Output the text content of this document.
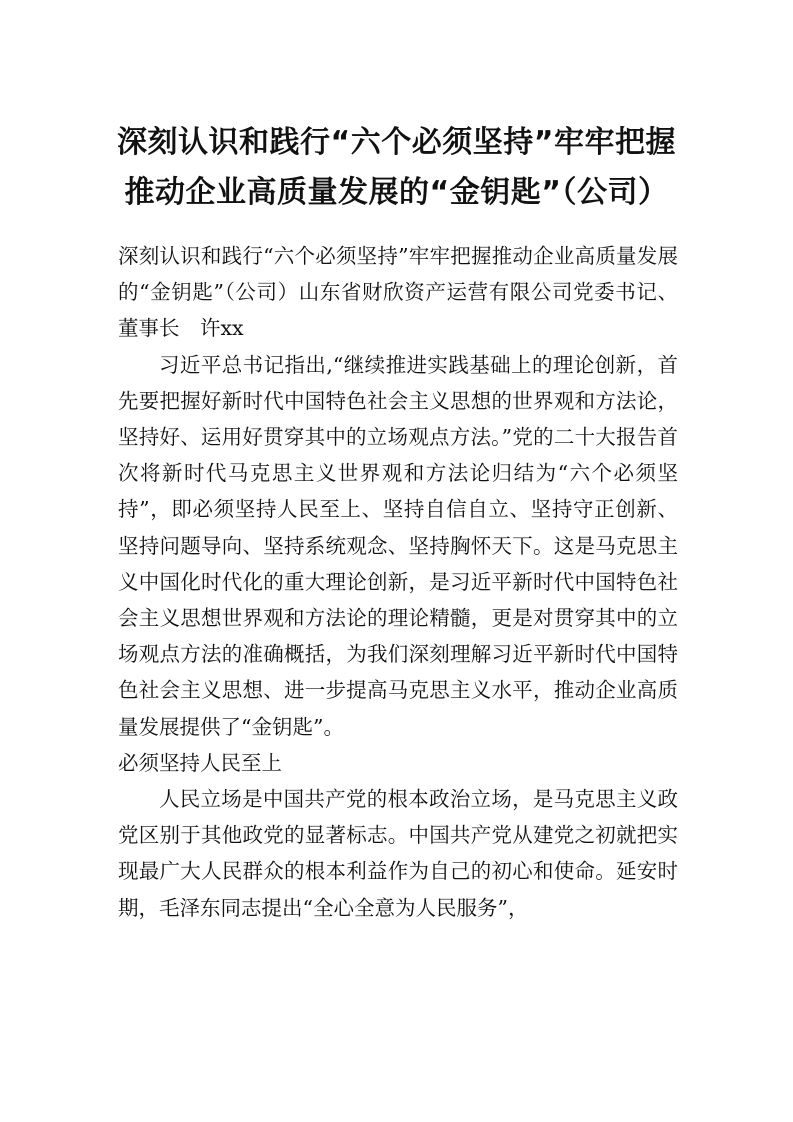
深刻认识和践行“六个必须坚持”牢牢把握
推动企业高质量发展的“金钥匙”（公司）

深刻认识和践行“六个必须坚持”牢牢把握推动企业高质量发展的“金钥匙”（公司）山东省财欣资产运营有限公司党委书记、董事长　许xx

习近平总书记指出,“继续推进实践基础上的理论创新，首先要把握好新时代中国特色社会主义思想的世界观和方法论，坚持好、运用好贯穿其中的立场观点方法。”党的二十大报告首次将新时代马克思主义世界观和方法论归结为“六个必须坚持”，即必须坚持人民至上、坚持自信自立、坚持守正创新、坚持问题导向、坚持系统观念、坚持胸怀天下。这是马克思主义中国化时代化的重大理论创新，是习近平新时代中国特色社会主义思想世界观和方法论的理论精髓，更是对贯穿其中的立场观点方法的准确概括，为我们深刻理解习近平新时代中国特色社会主义思想、进一步提高马克思主义水平，推动企业高质量发展提供了“金钥匙”。

必须坚持人民至上

人民立场是中国共产党的根本政治立场，是马克思主义政党区别于其他政党的显著标志。中国共产党从建党之初就把实现最广大人民群众的根本利益作为自己的初心和使命。延安时期，毛泽东同志提出“全心全意为人民服务”，
